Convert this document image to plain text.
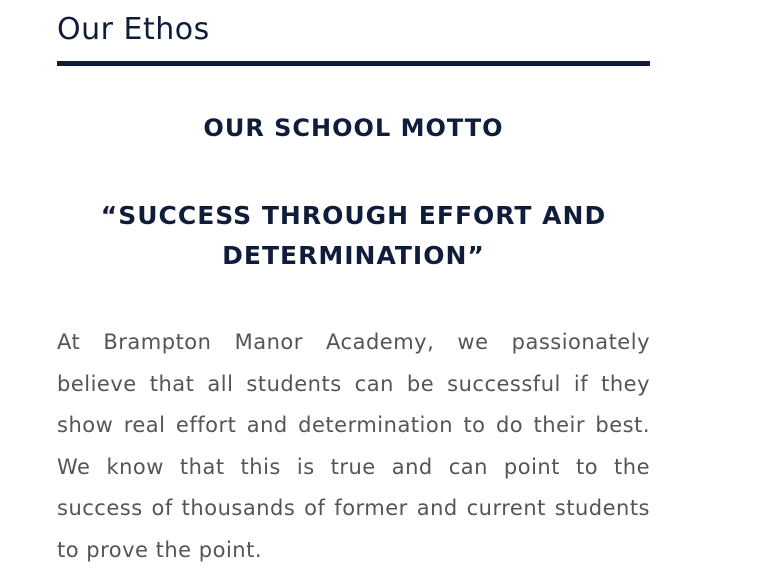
Our Ethos
OUR SCHOOL MOTTO

“SUCCESS THROUGH EFFORT AND DETERMINATION”

At Brampton Manor Academy, we passionately believe that all students can be successful if they show real effort and determination to do their best. We know that this is true and can point to the success of thousands of former and current students to prove the point.
